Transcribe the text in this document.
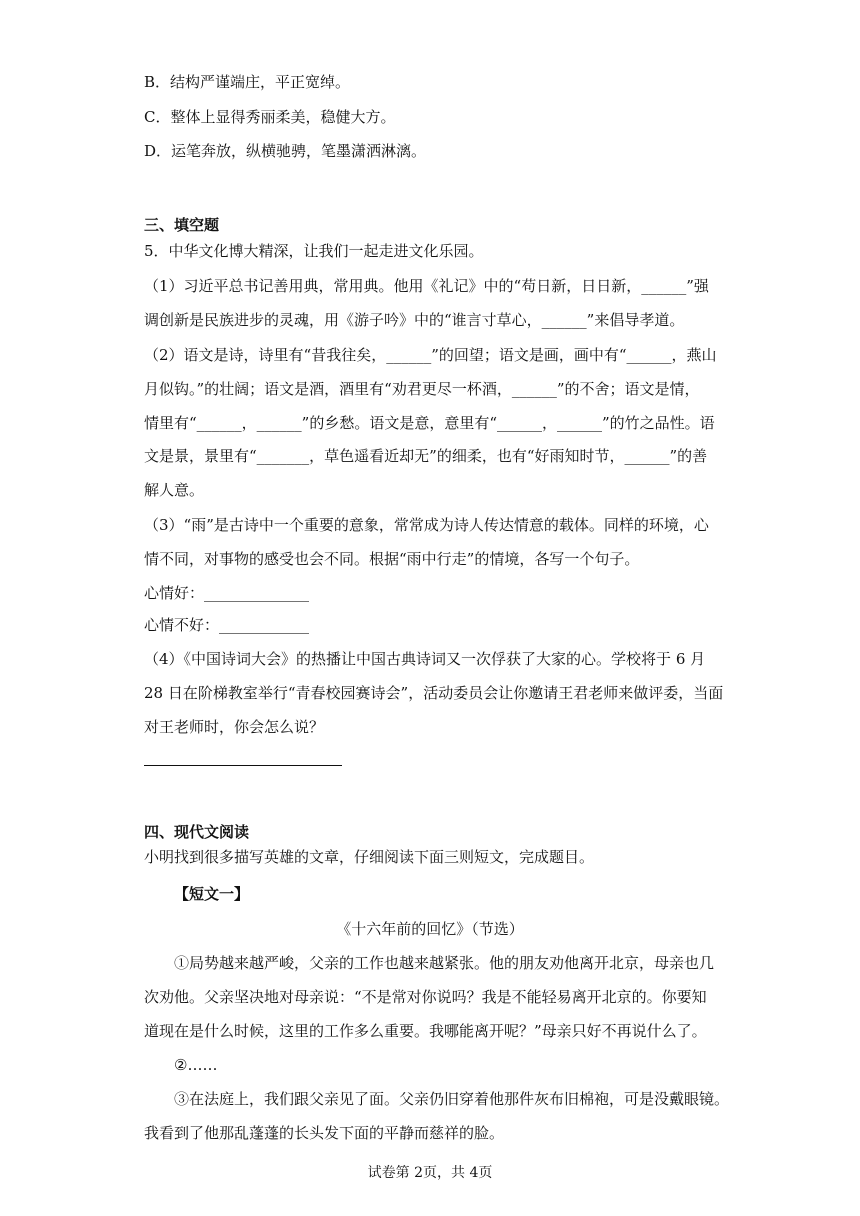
B．结构严谨端庄，平正宽绰。
C．整体上显得秀丽柔美，稳健大方。
D．运笔奔放，纵横驰骋，笔墨潇洒淋漓。
三、填空题
5．中华文化博大精深，让我们一起走进文化乐园。
（1）习近平总书记善用典，常用典。他用《礼记》中的“苟日新，日日新，______”强
调创新是民族进步的灵魂，用《游子吟》中的“谁言寸草心，______”来倡导孝道。
（2）语文是诗，诗里有“昔我往矣，______”的回望；语文是画，画中有“______，燕山
月似钩。”的壮阔；语文是酒，酒里有“劝君更尽一杯酒，______”的不舍；语文是情，
情里有“______，______”的乡愁。语文是意，意里有“______，______”的竹之品性。语
文是景，景里有“_______，草色遥看近却无”的细柔，也有“好雨知时节，______”的善
解人意。
（3）“雨”是古诗中一个重要的意象，常常成为诗人传达情意的载体。同样的环境，心
情不同，对事物的感受也会不同。根据“雨中行走”的情境，各写一个句子。
心情好：______________
心情不好：____________
（4）《中国诗词大会》的热播让中国古典诗词又一次俘获了大家的心。学校将于 6 月
28 日在阶梯教室举行“青春校园赛诗会”，活动委员会让你邀请王君老师来做评委，当面
对王老师时，你会怎么说？
四、现代文阅读
小明找到很多描写英雄的文章，仔细阅读下面三则短文，完成题目。
【短文一】
《十六年前的回忆》（节选）
①局势越来越严峻，父亲的工作也越来越紧张。他的朋友劝他离开北京，母亲也几
次劝他。父亲坚决地对母亲说：“不是常对你说吗？我是不能轻易离开北京的。你要知
道现在是什么时候，这里的工作多么重要。我哪能离开呢？”母亲只好不再说什么了。
②……
③在法庭上，我们跟父亲见了面。父亲仍旧穿着他那件灰布旧棉袍，可是没戴眼镜。
我看到了他那乱蓬蓬的长头发下面的平静而慈祥的脸。
试卷第 2页，共 4页
